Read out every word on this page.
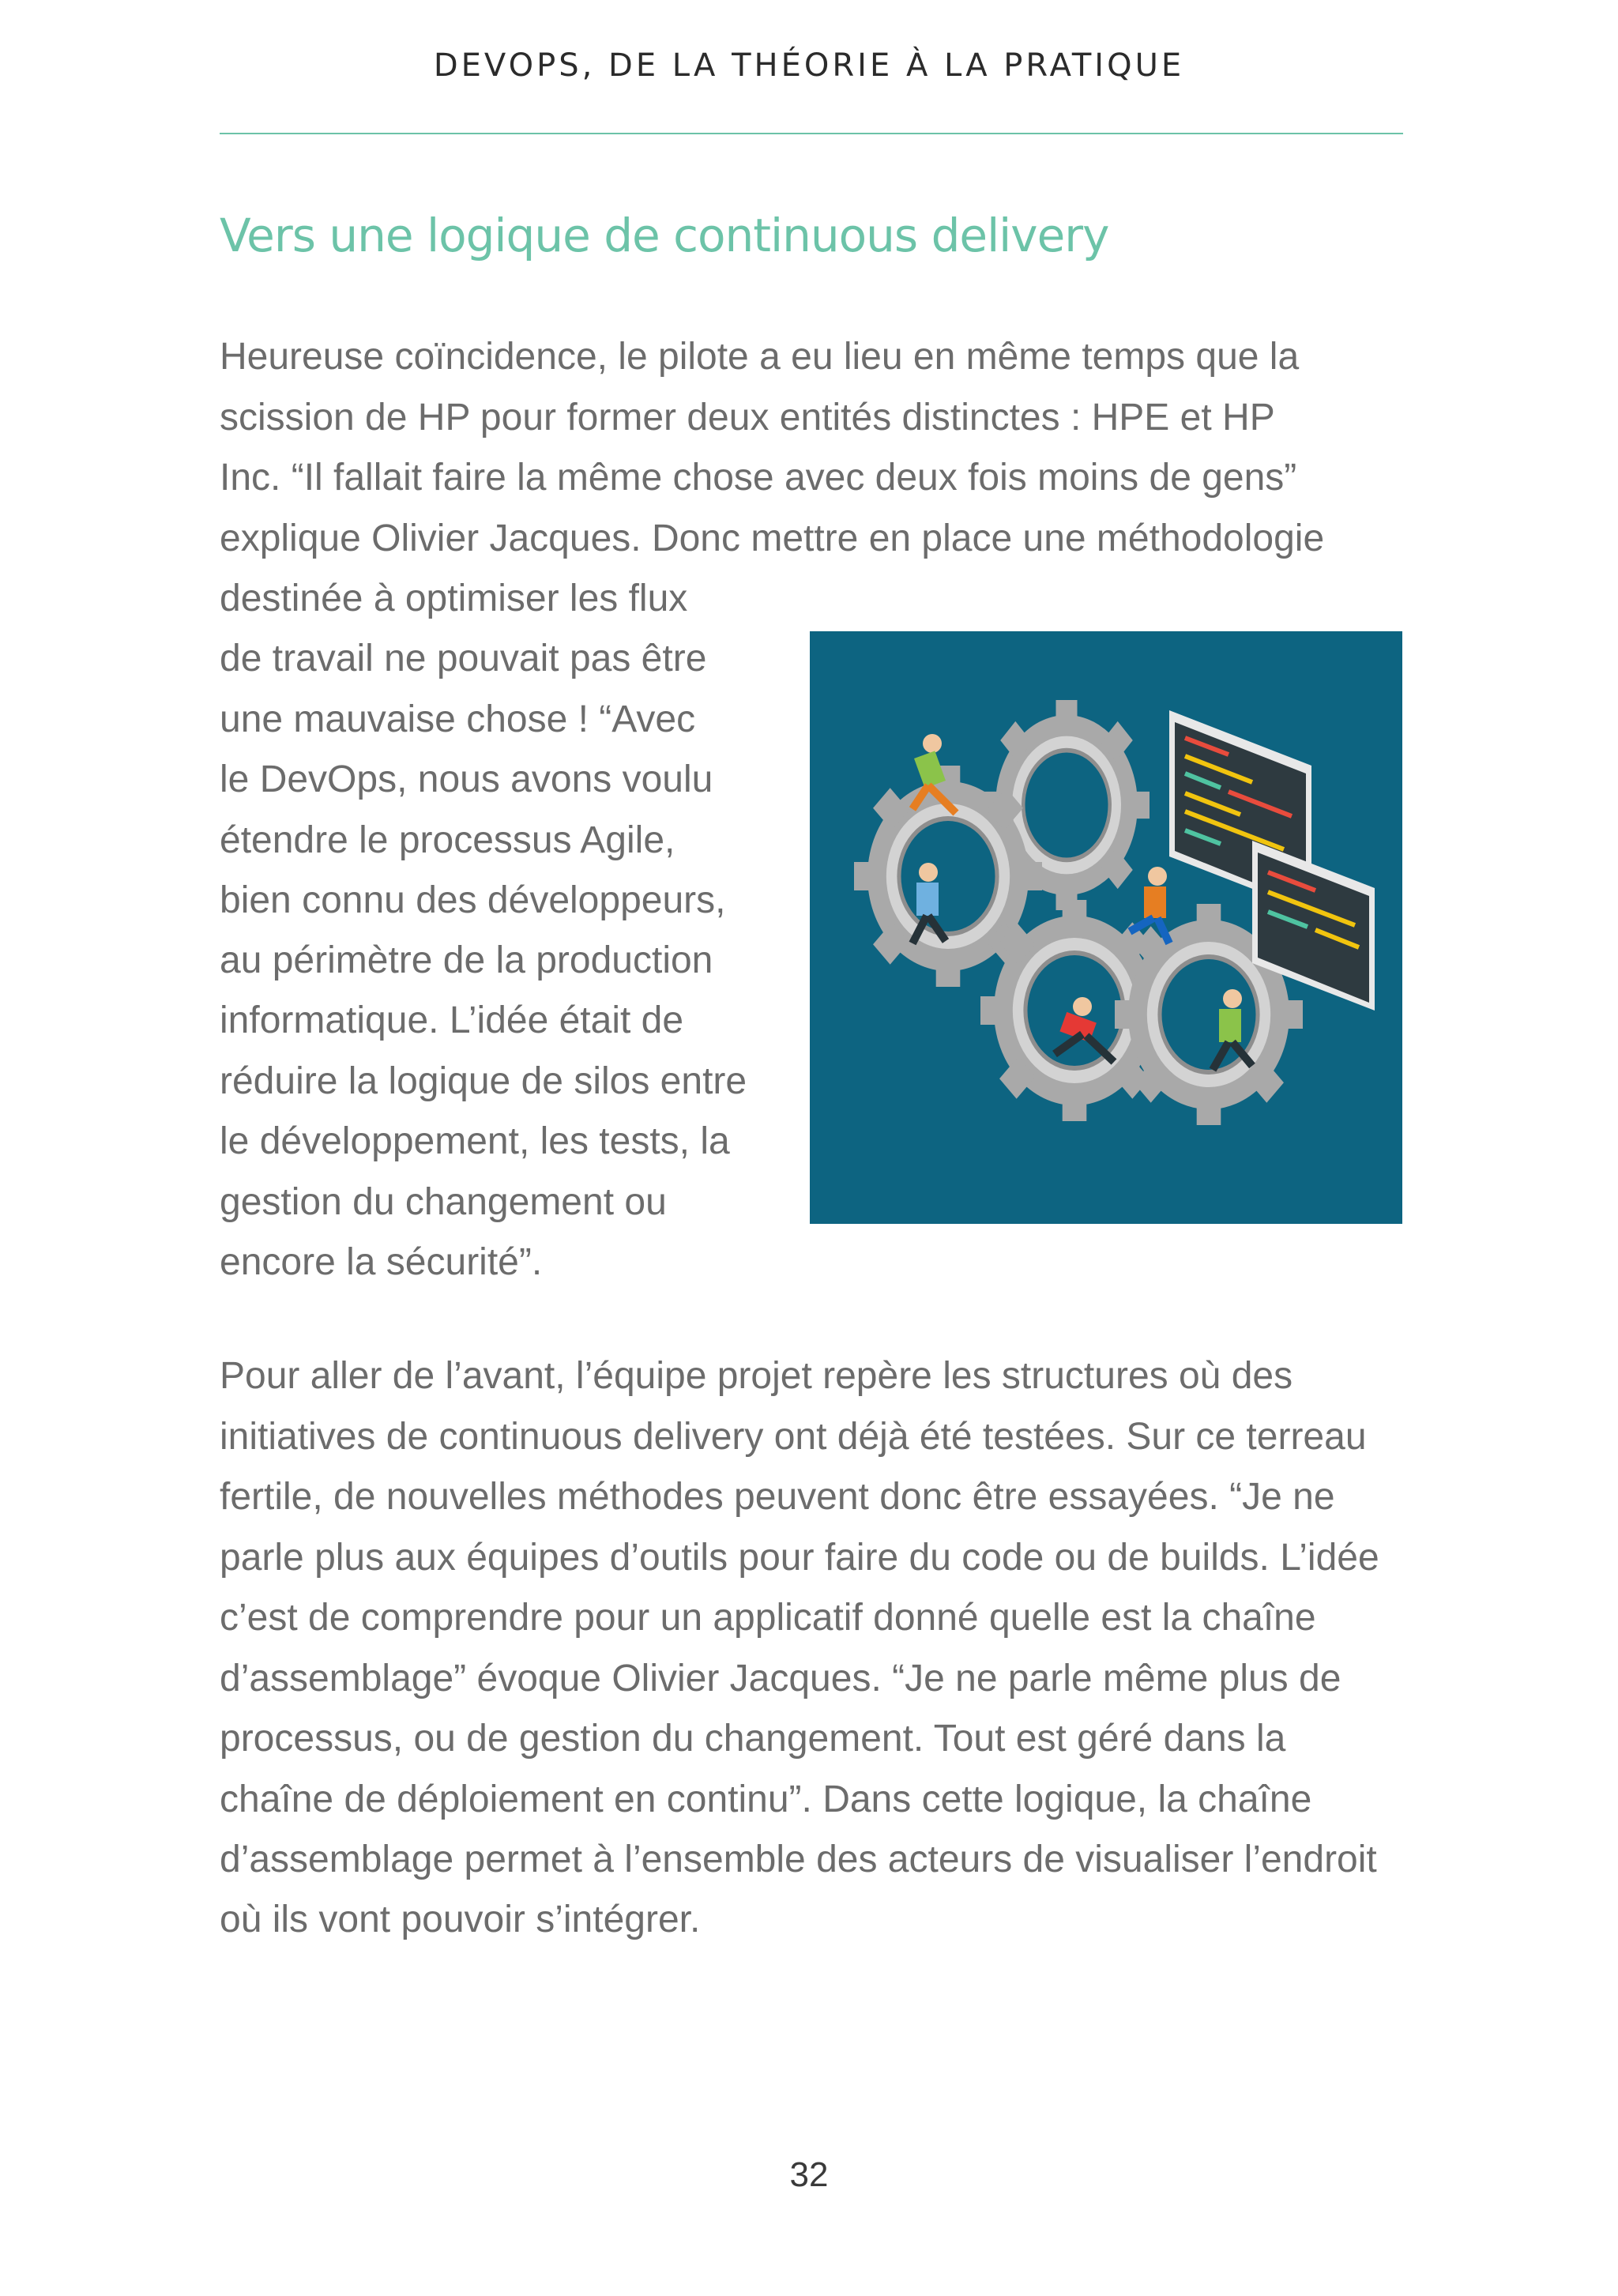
DEVOPS, DE LA THÉORIE À LA PRATIQUE
Vers une logique de continuous delivery
Heureuse coïncidence, le pilote a eu lieu en même temps que la
scission de HP pour former deux entités distinctes : HPE et HP
Inc. “Il fallait faire la même chose avec deux fois moins de gens”
explique Olivier Jacques. Donc mettre en place une méthodologie
destinée à optimiser les flux
de travail ne pouvait pas être
une mauvaise chose ! “Avec
le DevOps, nous avons voulu
étendre le processus Agile,
bien connu des développeurs,
au périmètre de la production
informatique. L’idée était de
réduire la logique de silos entre
le développement, les tests, la
gestion du changement ou
encore la sécurité”.
Pour aller de l’avant, l’équipe projet repère les structures où des
initiatives de continuous delivery ont déjà été testées. Sur ce terreau
fertile, de nouvelles méthodes peuvent donc être essayées. “Je ne
parle plus aux équipes d’outils pour faire du code ou de builds. L’idée
c’est de comprendre pour un applicatif donné quelle est la chaîne
d’assemblage” évoque Olivier Jacques. “Je ne parle même plus de
processus, ou de gestion du changement. Tout est géré dans la
chaîne de déploiement en continu”. Dans cette logique, la chaîne
d’assemblage permet à l’ensemble des acteurs de visualiser l’endroit
où ils vont pouvoir s’intégrer.
32
